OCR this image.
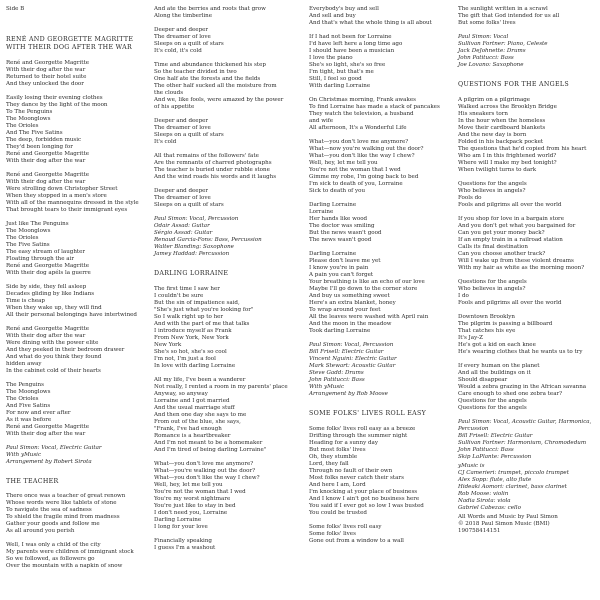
Side B
RENÉ AND GEORGETTE MAGRITTE WITH THEIR DOG AFTER THE WAR
René and Georgette Magritte
With their dog after the war
Returned to their hotel suite
And they unlocked the door
Easily losing their evening clothes
They dance by the light of the moon
To The Penguins
The Moonglows
The Orioles
And The Five Satins
The deep, forbidden music
They'd been longing for
René and Georgette Magritte
With their dog after the war
René and Georgette Magritte
With their dog after the war
Were strolling down Christopher Street
When they stopped in a men's store
With all of the mannequins dressed in the style
That brought tears to their immigrant eyes
Just like The Penguins
The Moonglows
The Orioles
The Five Satins
The easy stream of laughter
Floating through the air
René and Georgette Magritte
With their dog apéls la guerre
Side by side, they fell asleep
Decades gliding by like Indians
Time is cheap
When they wake up, they will find
All their personal belongings have intertwined
René and Georgette Magritte
With their dog after the war
Were dining with the power elite
And they peeked in their bedroom drawer
And what do you think they found
hidden away
In the cabinet cold of their hearts
The Penguins
The Moonglows
The Orioles
And Five Satins
For now and ever after
As it was before
René and Georgette Magritte
With their dog after the war
Paul Simon: Vocal, Electric Guitar
With yMusic
Arrangement by Robert Sirota
THE TEACHER
There once was a teacher of great renown
Whose words were like tablets of stone
To navigate the sea of sadness
To shield the fragile mind from madness
Gather your goods and follow me
As all around you perish
Well, I was only a child of the city
My parents were children of immigrant stock
So we followed, as followers go
Over the mountain with a napkin of snow
And ate the berries and roots that grow
Along the timberline
Deeper and deeper
The dreamer of love
Sleeps on a quilt of stars
It's cold, it's cold
Time and abundance thickened his step
So the teacher divided in two
One half ate the forests and the fields
The other half sucked all the moisture from
the clouds
And we, like fools, were amazed by the power
of his appetite
Deeper and deeper
The dreamer of love
Sleeps on a quilt of stars
It's cold
All that remains of the followers' fate
Are the remnants of charred photographs
The teacher is buried under rubble stone
And the wind roads his words and it laughs
Deeper and deeper
The dreamer of love
Sleeps on a quilt of stars
Paul Simon: Vocal, Percussion
Odair Assad: Guitar
Sérgio Assad: Guitar
Renaud Garcia-Fons: Bass, Percussion
Walter Blanding: Saxophone
Jamey Haddad: Percussion
DARLING LORRAINE
The first time I saw her
I couldn't be sure
But the sin of impatience said,
"She's just what you're looking for"
So I walk right up to her
And with the part of me that talks
I introduce myself as Frank
From New York, New York
New York
She's so hot, she's so cool
I'm not, I'm just a fool
In love with darling Lorraine
All my life, I've been a wanderer
Not really, I rented a room in my parents' place
Anyway, so anyway
Lorraine and I got married
And the usual marriage stuff
And then one day she says to me
From out of the blue, she says,
"Frank, I've had enough
Romance is a heartbreaker
And I'm not meant to be a homemaker
And I'm tired of being darling Lorraine"
What—you don't love me anymore?
What—you're walking out the door?
What—you don't like the way I chew?
Well, hey, let me tell you
You're not the woman that I wed
You're my worst nightmare
You're just like to stay in bed
I don't need you, Lorraine
Darling Lorraine
I long for your love
Financially speaking
I guess I'm a washout
Everybody's buy and sell
And sell and buy
And that's what the whole thing is all about
If I had not been for Lorraine
I'd have left here a long time ago
I should have been a musician
I love the piano
She's so light, she's so free
I'm tight, but that's me
Still, I feel so good
With darling Lorraine
On Christmas morning, Frank awakes
To find Lorraine has made a stack of pancakes
They watch the television, a husband
and wife
All afternoon, It's a Wonderful Life
What—you don't love me anymore?
What—now you're walking out the door?
What—you don't like the way I chew?
Well, hey, let me tell you
You're not the woman that I wed
Gimme my robe, I'm going back to bed
I'm sick to death of you, Lorraine
Sick to death of you
Darling Lorraine
Lorraine
Her hands like wood
The doctor was smiling
But the news wasn't good
The news wasn't good
Darling Lorraine
Please don't leave me yet
I know you're in pain
A pain you can't forget
Your breathing is like an echo of our love
Maybe I'll go down to the corner store
And buy us something sweet
Here's an extra blanket, honey
To wrap around your feet
All the leaves were washed with April rain
And the moon in the meadow
Took darling Lorraine
Paul Simon: Vocal, Percussion
Bill Frisell: Electric Guitar
Vincent Nguini: Electric Guitar
Mark Stewart: Acoustic Guitar
Steve Gadd: Drums
John Patitucci: Bass
With yMusic
Arrangement by Rob Moose
SOME FOLKS' LIVES ROLL EASY
Some folks' lives roll easy as a breeze
Drifting through the summer night
Heading for a sunny day
But most folks' lives
Oh, they stumble
Lord, they fall
Through no fault of their own
Most folks never catch their stars
And here I am, Lord
I'm knocking at your place of business
And I know I ain't got no business here
You said if I ever got so low I was busted
You could be trusted
Some folks' lives roll easy
Some folks' lives
Gone out from a window to a wall
The sunlight written in a scrawl
The gift that God intended for us all
But some folks' lives
Paul Simon: Vocal
Sullivan Fortner: Piano, Celeste
Jack DeJohnette: Drums
John Patitucci: Bass
Joe Lovano: Saxophone
QUESTIONS FOR THE ANGELS
A pilgrim on a pilgrimage
Walked across the Brooklyn Bridge
His sneakers torn
In the hour when the homeless
Move their cardboard blankets
And the new day is born
Folded in his backpack pocket
The questions that he'd copied from his heart
Who am I in this frightened world?
Where will I make my bed tonight?
When twilight turns to dark
Questions for the angels
Who believes in angels?
Fools do
Fools and pilgrims all over the world
If you shop for love in a bargain store
And you don't get what you bargained for
Can you get your money back?
If an empty train in a railroad station
Calls its final destination
Can you choose another track?
Will I wake up from these violent dreams
With my hair as white as the morning moon?
Questions for the angels
Who believes in angels?
I do
Fools and pilgrims all over the world
Downtown Brooklyn
The pilgrim is passing a billboard
That catches his eye
It's Jay-Z
He's got a kid on each knee
He's wearing clothes that he wants us to try
If every human on the planet
And all the buildings on it
Should disappear
Would a zebra grazing in the African savanna
Care enough to shed one zebra tear?
Questions for the angels
Questions for the angels
Paul Simon: Vocal, Acoustic Guitar, Harmonica,
Percussion
Bill Frisell: Electric Guitar
Sullivan Fortner: Harmonium, Chromodedum
John Patitucci: Bass
Skip LaPlante: Percussion
yMusic is
CJ Camerieri: trumpet, piccolo trumpet
Alex Sopp: flute, alto flute
Hideaki Aomori: clarinet, bass clarinet
Rob Moose: violin
Nadia Sirota: viola
Gabriel Cabezas: cello
All Words and Music by Paul Simon
© 2018 Paul Simon Music (BMI)
190758414151
